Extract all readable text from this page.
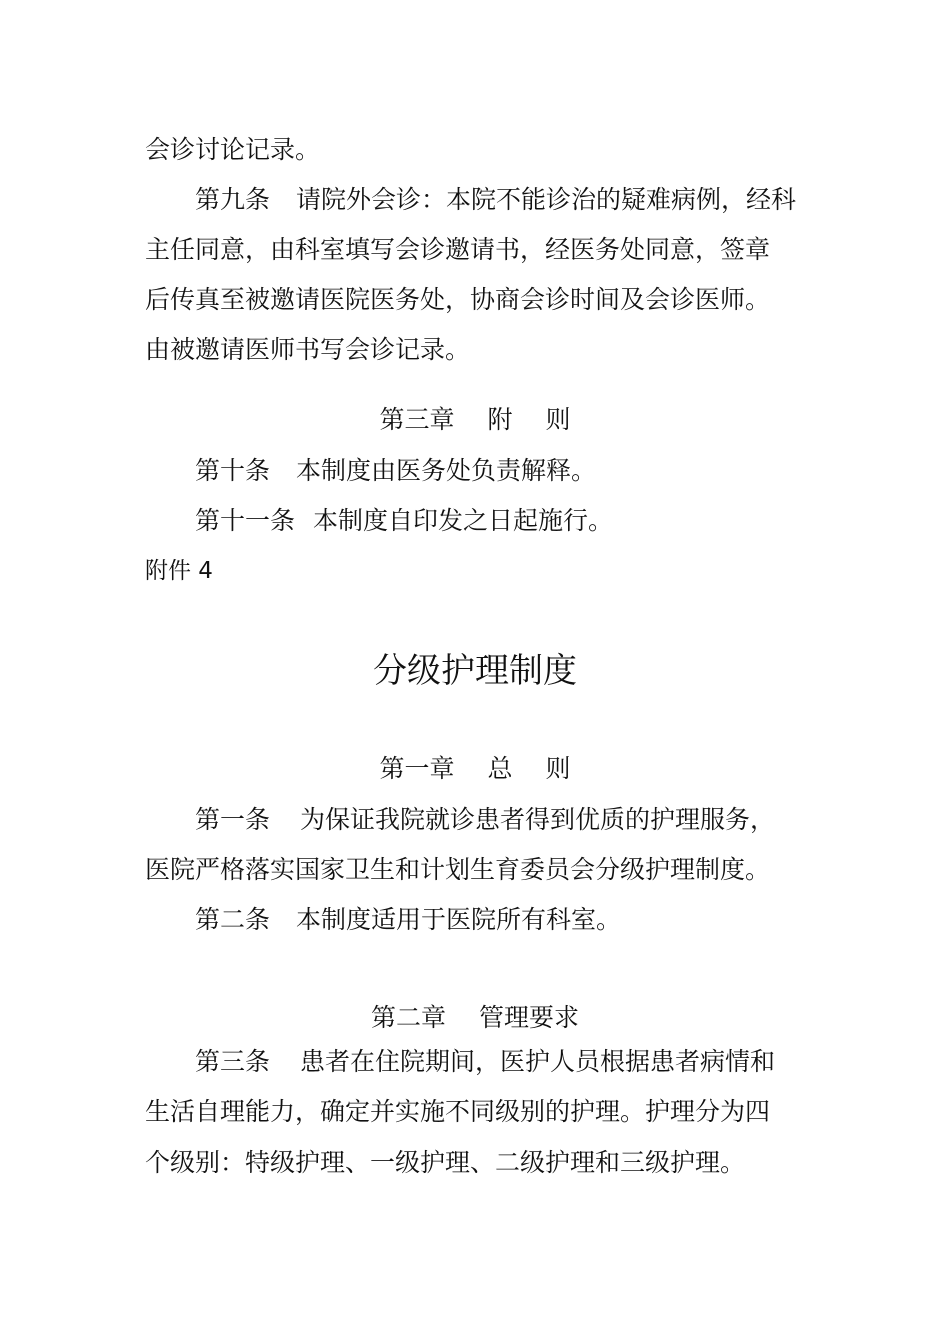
会诊讨论记录。
第九条 请院外会诊：本院不能诊治的疑难病例，经科
主任同意，由科室填写会诊邀请书，经医务处同意，签章
后传真至被邀请医院医务处，协商会诊时间及会诊医师。
由被邀请医师书写会诊记录。
第三章　 附　 则
第十条 本制度由医务处负责解释。
第十一条 本制度自印发之日起施行。
附件 4
分级护理制度
第一章　 总　 则
第一条 为保证我院就诊患者得到优质的护理服务，
医院严格落实国家卫生和计划生育委员会分级护理制度。
第二条 本制度适用于医院所有科室。
第二章　 管理要求
第三条 患者在住院期间，医护人员根据患者病情和
生活自理能力，确定并实施不同级别的护理。护理分为四
个级别：特级护理、一级护理、二级护理和三级护理。
